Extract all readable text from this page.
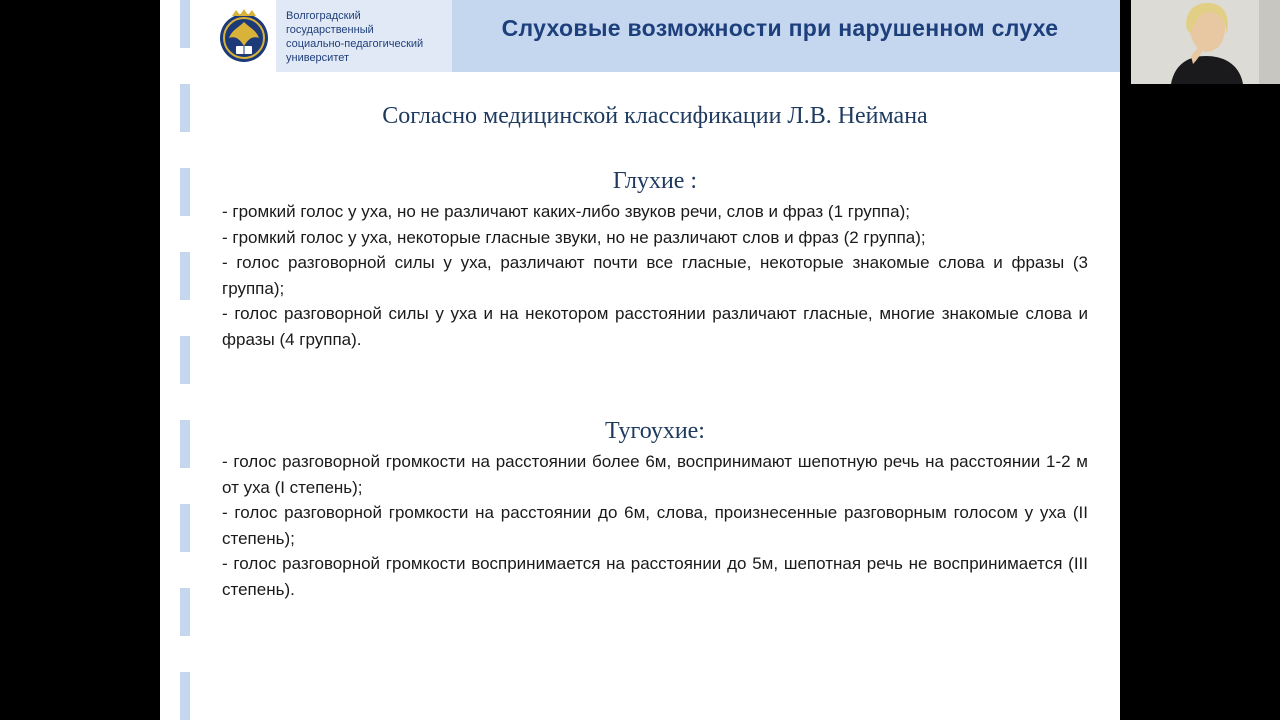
Волгоградский
государственный
социально-педагогический
университет
Слуховые возможности при нарушенном слухе
Согласно медицинской классификации Л.В. Неймана
Глухие :

- громкий голос у уха, но не различают каких-либо звуков речи, слов и фраз (1 группа);

- громкий голос у уха, некоторые гласные звуки, но не различают слов и фраз (2 группа);

- голос разговорной силы у уха, различают почти все гласные, некоторые знакомые слова и фразы (3 группа);

- голос разговорной силы у уха и на некотором расстоянии различают гласные, многие знакомые слова и фразы (4 группа).

Тугоухие:

- голос разговорной громкости на расстоянии более 6м, воспринимают шепотную речь на расстоянии 1-2 м от уха (I степень);

- голос разговорной громкости на расстоянии до 6м, слова, произнесенные разговорным голосом у уха (II степень);

- голос разговорной громкости воспринимается на расстоянии до 5м, шепотная речь не воспринимается (III степень).
